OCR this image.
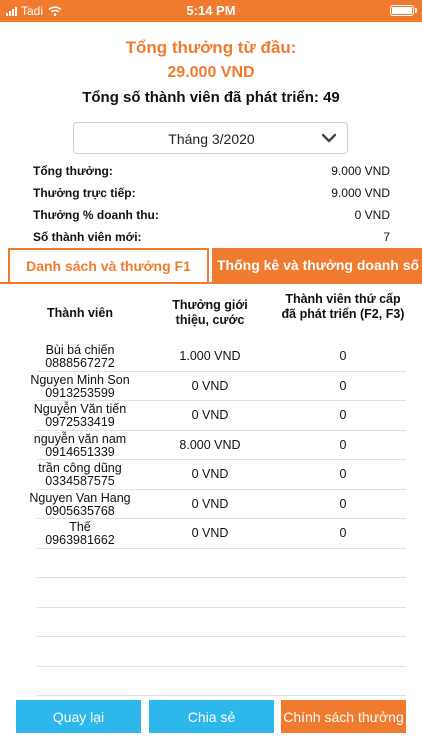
Tadi	5:14 PM
Tổng thưởng từ đầu:
29.000 VND
Tổng số thành viên đã phát triển: 49
Tháng 3/2020
Tổng thưởng:	9.000 VND
Thưởng trực tiếp:	9.000 VND
Thưởng % doanh thu:	0 VND
Số thành viên mới:	7
Danh sách và thưởng F1	Thống kê và thưởng doanh số
Thành viên
Thưởng giới thiệu, cước
Thành viên thứ cấp đã phát triển (F2, F3)
Bùi bá chiến
0888567272	1.000 VND	0
Nguyen Minh Son
0913253599	0 VND	0
Nguyễn Văn tiến
0972533419	0 VND	0
nguyễn văn nam
0914651339	8.000 VND	0
trần công dũng
0334587575	0 VND	0
Nguyen Van Hang
0905635768	0 VND	0
Thế
0963981662	0 VND	0
Quay lại	Chia sẻ	Chính sách thưởng
